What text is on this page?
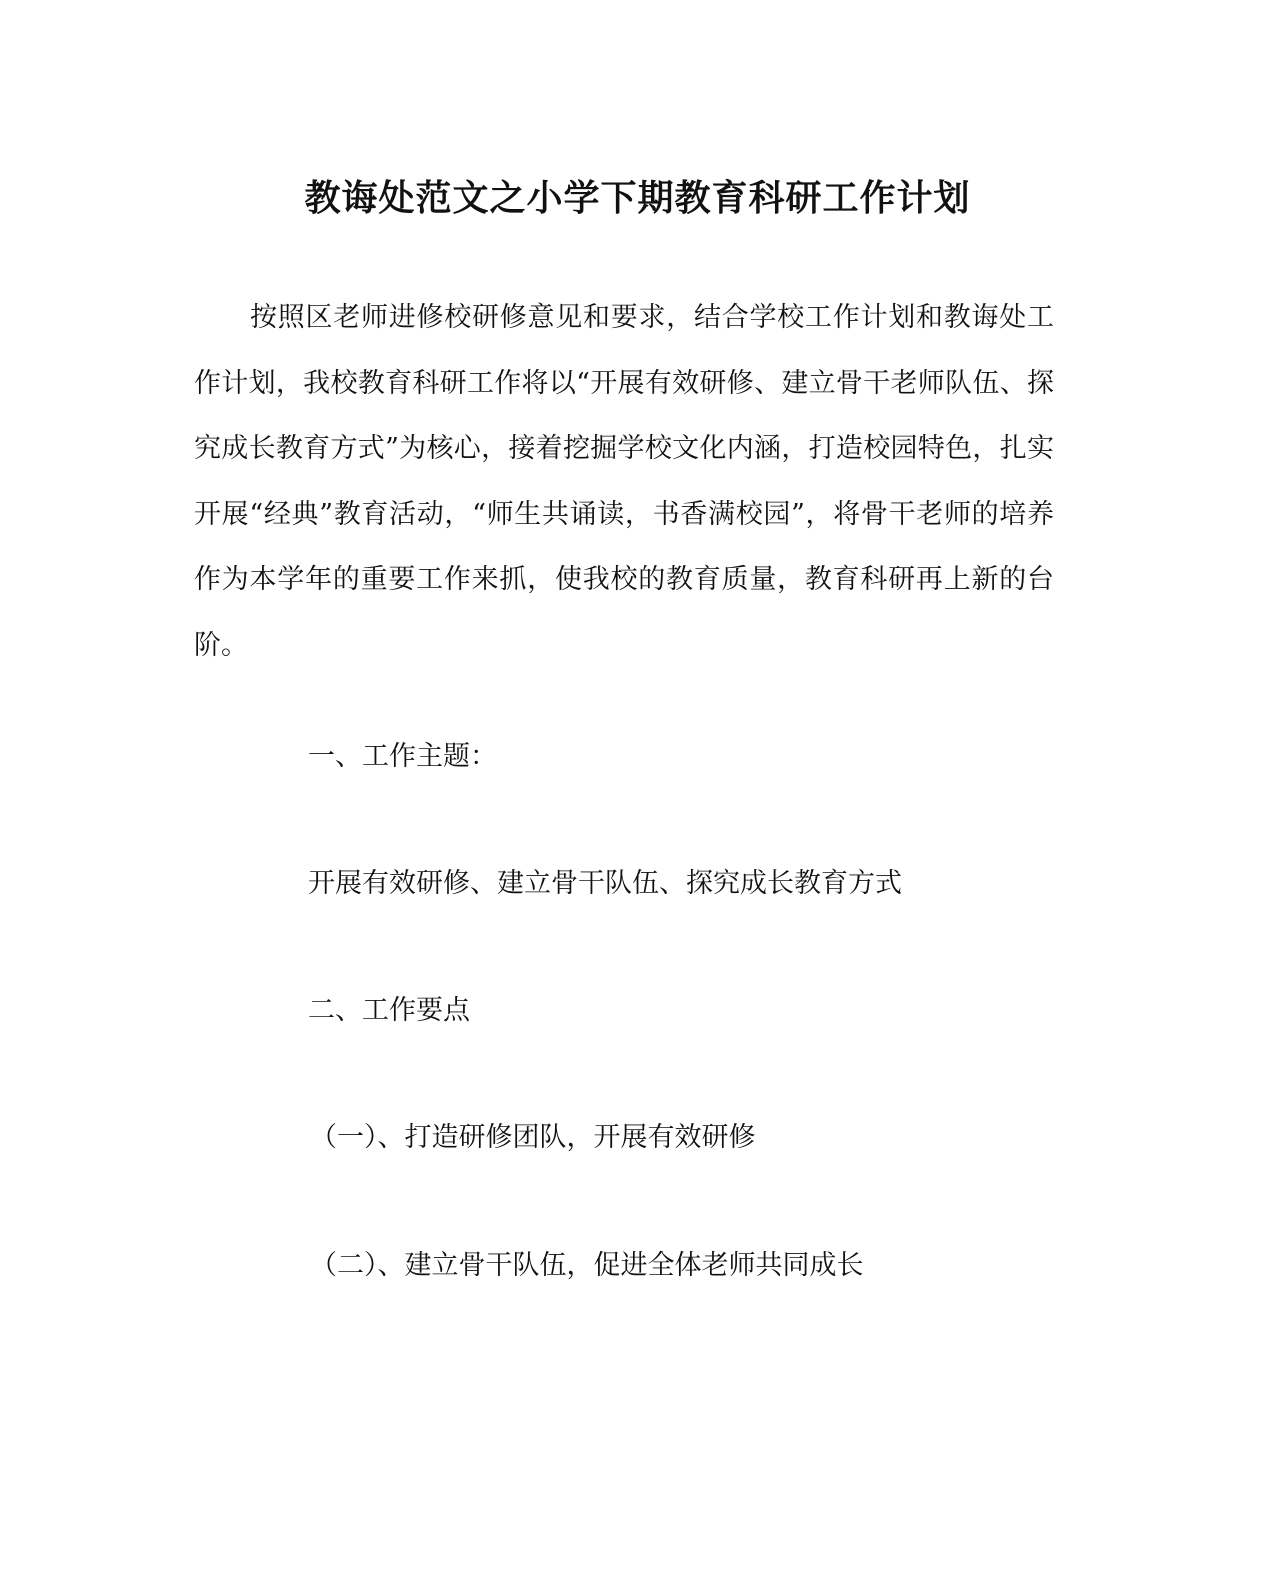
教诲处范文之小学下期教育科研工作计划

按照区老师进修校研修意见和要求，结合学校工作计划和教诲处工作计划，我校教育科研工作将以“开展有效研修、建立骨干老师队伍、探究成长教育方式”为核心，接着挖掘学校文化内涵，打造校园特色，扎实开展“经典”教育活动，“师生共诵读，书香满校园”，将骨干老师的培养作为本学年的重要工作来抓，使我校的教育质量，教育科研再上新的台阶。

一、工作主题：

开展有效研修、建立骨干队伍、探究成长教育方式

二、工作要点

（一）、打造研修团队，开展有效研修

（二）、建立骨干队伍，促进全体老师共同成长
